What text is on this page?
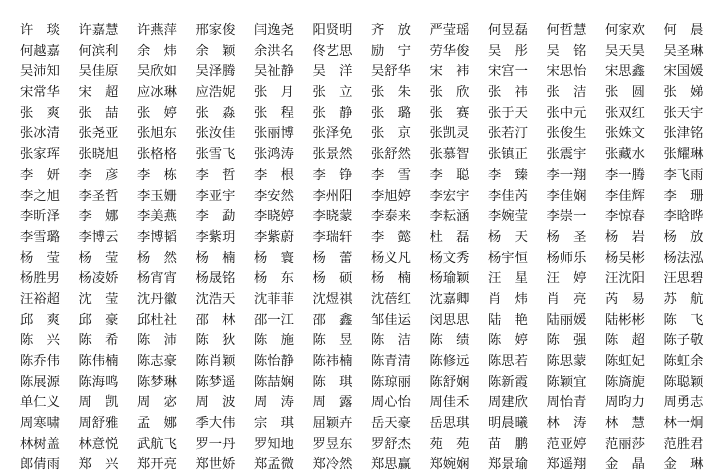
许　琰	许嘉慧	许燕萍	邢家俊	闫逸尧	阳贤明	齐　放	严莹瑶	何昱磊	何哲慧	何家欢	何　晨
何越嘉	何滨利	余　炜	余　颖	余洪名	佟艺思	励　宁	劳华俊	吴　彤	吴　铭	吴天昊	吴圣琳
吴沛知	吴佳原	吴欣如	吴泽腾	吴祉静	吴　洋	吴舒华	宋　袆	宋宫一	宋思怡	宋思鑫	宋国媛
宋常华	宋　超	应冰琳	应浩妮	张　月	张　立	张　朱	张　欣	张　祎	张　洁	张　圆	张　娣
张　爽	张　喆	张　婷	张　淼	张　程	张　静	张　璐	张　赛	张于天	张中元	张双红	张天宇
张冰清	张尧亚	张旭东	张汝佳	张丽博	张泽免	张　京	张凯灵	张若汀	张俊生	张姝文	张津铭
张家珲	张晓旭	张格格	张雪飞	张鸿涛	张景然	张舒然	张慕智	张镇正	张震宇	张藏水	张耀琳
李　妍	李　彦	李　栋	李　哲	李　根	李　铮	李　雪	李　聪	李　臻	李一翔	李一腾	李飞雨
李之旭	李圣哲	李玉姗	李亚宇	李安然	李州阳	李旭婷	李宏宇	李佳芮	李佳娴	李佳辉	李　珊
李昕泽	李　娜	李美燕	李　勐	李晓婷	李晓蒙	李泰来	李耘涵	李婉莹	李崇一	李惊春	李晗晔
李雪璐	李博云	李博韬	李紫玥	李紫蔚	李瑞轩	李　懿	杜　磊	杨　天	杨　圣	杨　岩	杨　放
杨　莹	杨　莹	杨　然	杨　楠	杨　寰	杨　蕾	杨义凡	杨文秀	杨宇恒	杨师乐	杨吴彬	杨法泓
杨胜男	杨凌娇	杨宵宵	杨晟铭	杨　东	杨　硕	杨　楠	杨瑜颖	汪　星	汪　婷	汪沈阳	汪思碧
汪裕超	沈　莹	沈丹徽	沈浩天	沈菲菲	沈煜祺	沈蓓红	沈嘉卿	肖　炜	肖　亮	芮　易	苏　航
邱　爽	邱　豪	邱杜社	邵　林	邵一江	邵　鑫	邹佳运	闵思思	陆　艳	陆丽媛	陆彬彬	陈　飞
陈　兴	陈　希	陈　沛	陈　狄	陈　施	陈　昱	陈　洁	陈　绩	陈　婷	陈　强	陈　超	陈子敬
陈乔伟	陈伟楠	陈志豪	陈肖颖	陈怡静	陈祎楠	陈青清	陈修远	陈思若	陈思蒙	陈虹妃	陈虹余
陈展源	陈海鸣	陈梦琳	陈梦遥	陈喆娴	陈　琪	陈琼丽	陈舒娴	陈新霞	陈颖宜	陈旖旎	陈聪颖
单仁义	周　凯	周　宓	周　波	周　涛	周　露	周心怡	周佳禾	周建欣	周怡青	周昀力	周勇志
周寒啸	周舒雅	孟　娜	季大伟	宗　琪	屈颖卉	岳天豪	岳思琪	明晨曦	林　涛	林　慧	林一炯
林树盖	林意悦	武航飞	罗一丹	罗知地	罗昱东	罗舒杰	苑　苑	苗　鹏	范亚婷	范丽莎	范胜君
郎倩雨	郑　兴	郑开亮	郑世娇	郑孟微	郑冷然	郑思赢	郑婉娴	郑景瑜	郑遥翔	金　晶	金　琳
